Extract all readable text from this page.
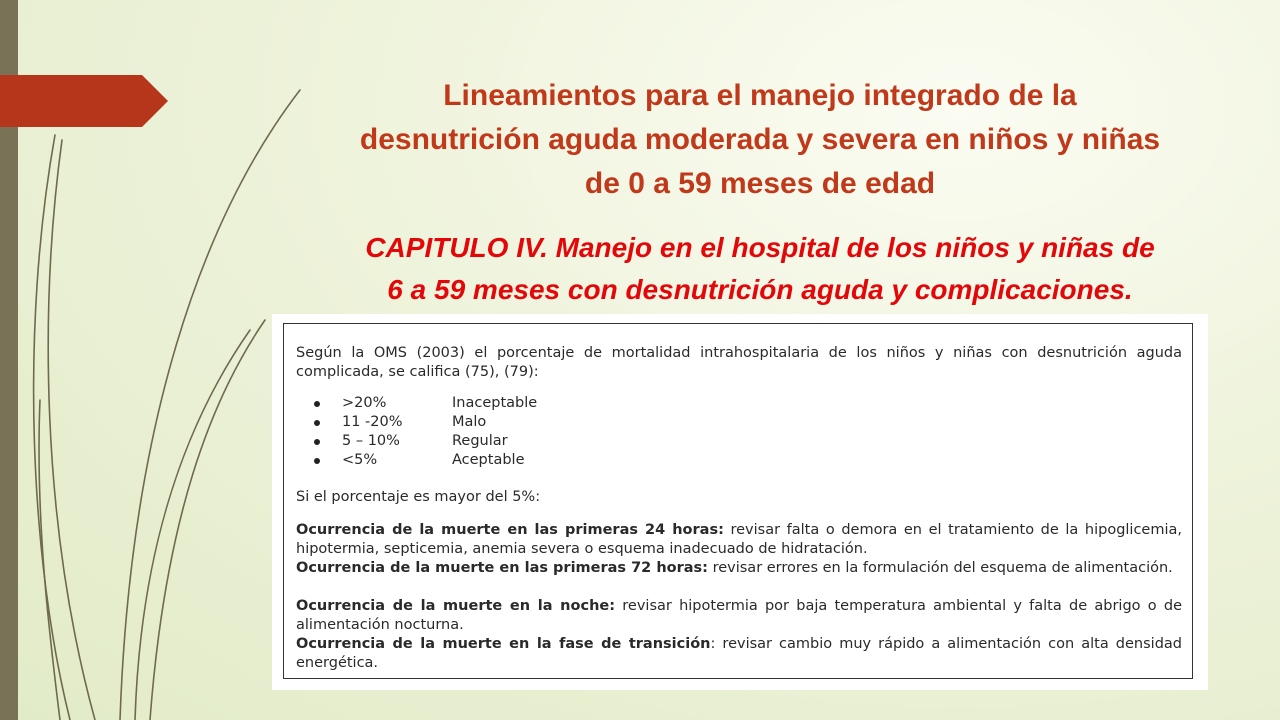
Lineamientos para el manejo integrado de la
desnutrición aguda moderada y severa en niños y niñas
de 0 a 59 meses de edad
CAPITULO IV. Manejo en el hospital de los niños y niñas de
6 a 59 meses con desnutrición aguda y complicaciones.
Según la OMS (2003) el porcentaje de mortalidad intrahospitalaria de los niños y niñas con desnutrición aguda complicada, se califica (75), (79):
>20%	Inaceptable
11 -20%	Malo
5 – 10%	Regular
<5%	Aceptable
Si el porcentaje es mayor del 5%:
Ocurrencia de la muerte en las primeras 24 horas: revisar falta o demora en el tratamiento de la hipoglicemia, hipotermia, septicemia, anemia severa o esquema inadecuado de hidratación.
Ocurrencia de la muerte en las primeras 72 horas: revisar errores en la formulación del esquema de alimentación.
Ocurrencia de la muerte en la noche: revisar hipotermia por baja temperatura ambiental y falta de abrigo o de alimentación nocturna.
Ocurrencia de la muerte en la fase de transición: revisar cambio muy rápido a alimentación con alta densidad energética.
